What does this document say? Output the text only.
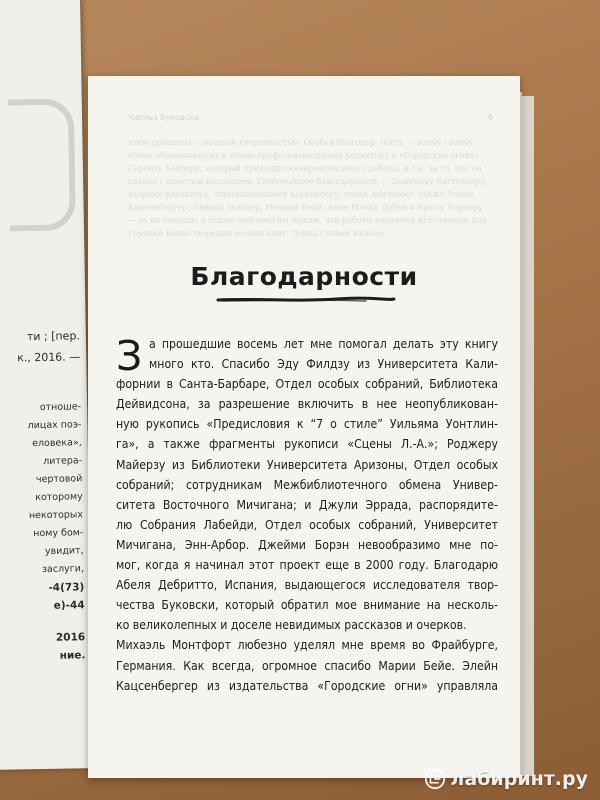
ти ; [пер.
к., 2016. —
отноше-
лицах поэ-
еловека»,
литера-
чертовой
которому
некоторых
ному бом-
увидит,
заслуги,
-4(73)
е)-44
2016
ние.
Чарльз Буковски	9
этим пришлось с мощной уверенностью. Особая благодар- ность — всему своему, очень образованному и очень профессиональному редактору в «Городских огнях» Гарнету Кайзеру, который притащил невероятно много работы, и т.е. за то, что он сделал с простым наследием. Глубочайшее благодарность — Доменику Бэттеллеру, второму редактору, тщательнейшему корректору, очень жёсткому; также Элейн Кацсенбергер; Лейвуд Зельцер, Мелани Бейе, Анне Мачка Дубуа и Брюсу Уорнеру — за их помощь; а также ещё многим людям, чьи работы являются источником для Гордоне Конш-творений особых книг. Дэвид Стивен Калоне
Благодарности
З а прошедшие восемь лет мне помогал делать эту книгу
много кто. Спасибо Эду Филдзу из Университета Кали-
форнии в Санта-Барбаре, Отдел особых собраний, Библиотека
Дейвидсона, за разрешение включить в нее неопубликован-
ную рукопись «Предисловия к “7 о стиле” Уильяма Уонтлин-
га», а также фрагменты рукописи «Сцены Л.-А.»; Роджеру
Майерзу из Библиотеки Университета Аризоны, Отдел особых
собраний; сотрудникам Межбиблиотечного обмена Универ-
ситета Восточного Мичигана; и Джули Эррада, распорядите-
лю Собрания Лабейди, Отдел особых собраний, Университет
Мичигана, Энн-Арбор. Джейми Борэн невообразимо мне по-
мог, когда я начинал этот проект еще в 2000 году. Благодарю
Абеля Дебритто, Испания, выдающегося исследователя твор-
чества Буковски, который обратил мое внимание на несколь-
ко великолепных и доселе невидимых рассказов и очерков.
Михаэль Монтфорт любезно уделял мне время во Фрайбурге,
Германия. Как всегда, огромное спасибо Марии Бейе. Элейн
Кацсенбергер из издательства «Городские огни» управляла
лабиринт.ру
